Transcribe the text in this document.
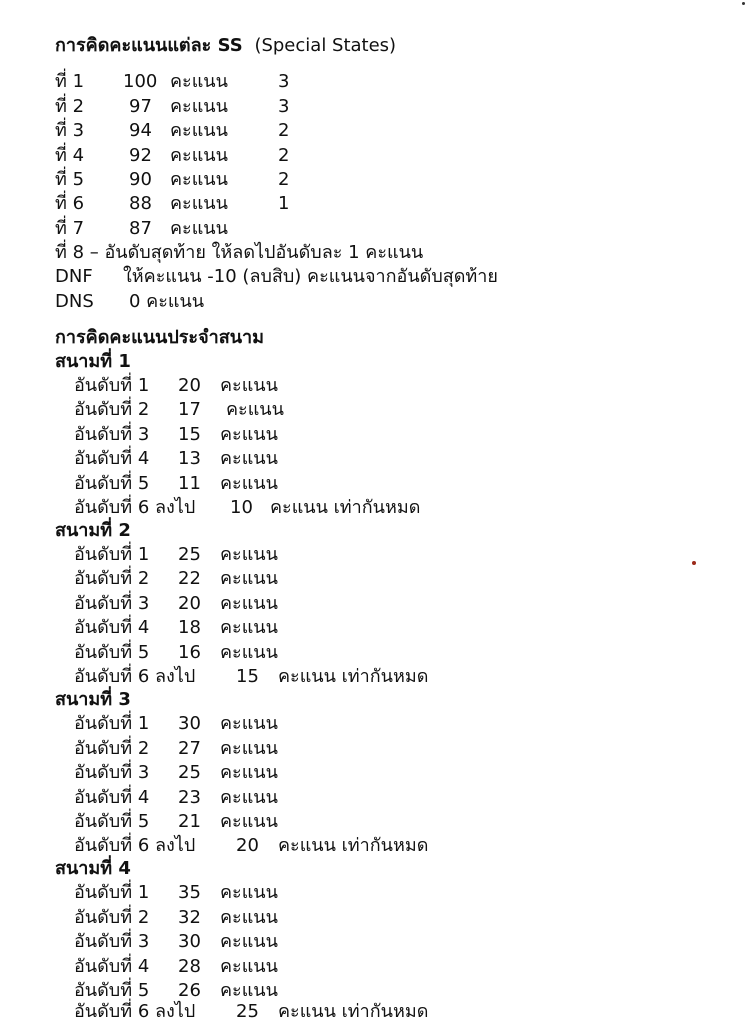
การคิดคะแนนแต่ละ SS (Special States)
ที่ 1 100 คะแนน	3
ที่ 2 97 คะแนน	3
ที่ 3 94 คะแนน	2
ที่ 4 92 คะแนน	2
ที่ 5 90 คะแนน	2
ที่ 6 88 คะแนน	1
ที่ 7 87 คะแนน
ที่ 8 – อันดับสุดท้าย ให้ลดไปอันดับละ 1 คะแนน
DNF ให้คะแนน -10 (ลบสิบ) คะแนนจากอันดับสุดท้าย
DNS 0 คะแนน
การคิดคะแนนประจำสนาม
สนามที่ 1
อันดับที่ 1 20 คะแนน
อันดับที่ 2 17 คะแนน
อันดับที่ 3 15 คะแนน
อันดับที่ 4 13 คะแนน
อันดับที่ 5 11 คะแนน
อันดับที่ 6 ลงไป 10 คะแนน เท่ากันหมด
สนามที่ 2
อันดับที่ 1 25 คะแนน
อันดับที่ 2 22 คะแนน
อันดับที่ 3 20 คะแนน
อันดับที่ 4 18 คะแนน
อันดับที่ 5 16 คะแนน
อันดับที่ 6 ลงไป 15 คะแนน เท่ากันหมด
สนามที่ 3
อันดับที่ 1 30 คะแนน
อันดับที่ 2 27 คะแนน
อันดับที่ 3 25 คะแนน
อันดับที่ 4 23 คะแนน
อันดับที่ 5 21 คะแนน
อันดับที่ 6 ลงไป 20 คะแนน เท่ากันหมด
สนามที่ 4
อันดับที่ 1 35 คะแนน
อันดับที่ 2 32 คะแนน
อันดับที่ 3 30 คะแนน
อันดับที่ 4 28 คะแนน
อันดับที่ 5 26 คะแนน
อันดับที่ 6 ลงไป 25 คะแนน เท่ากันหมด
